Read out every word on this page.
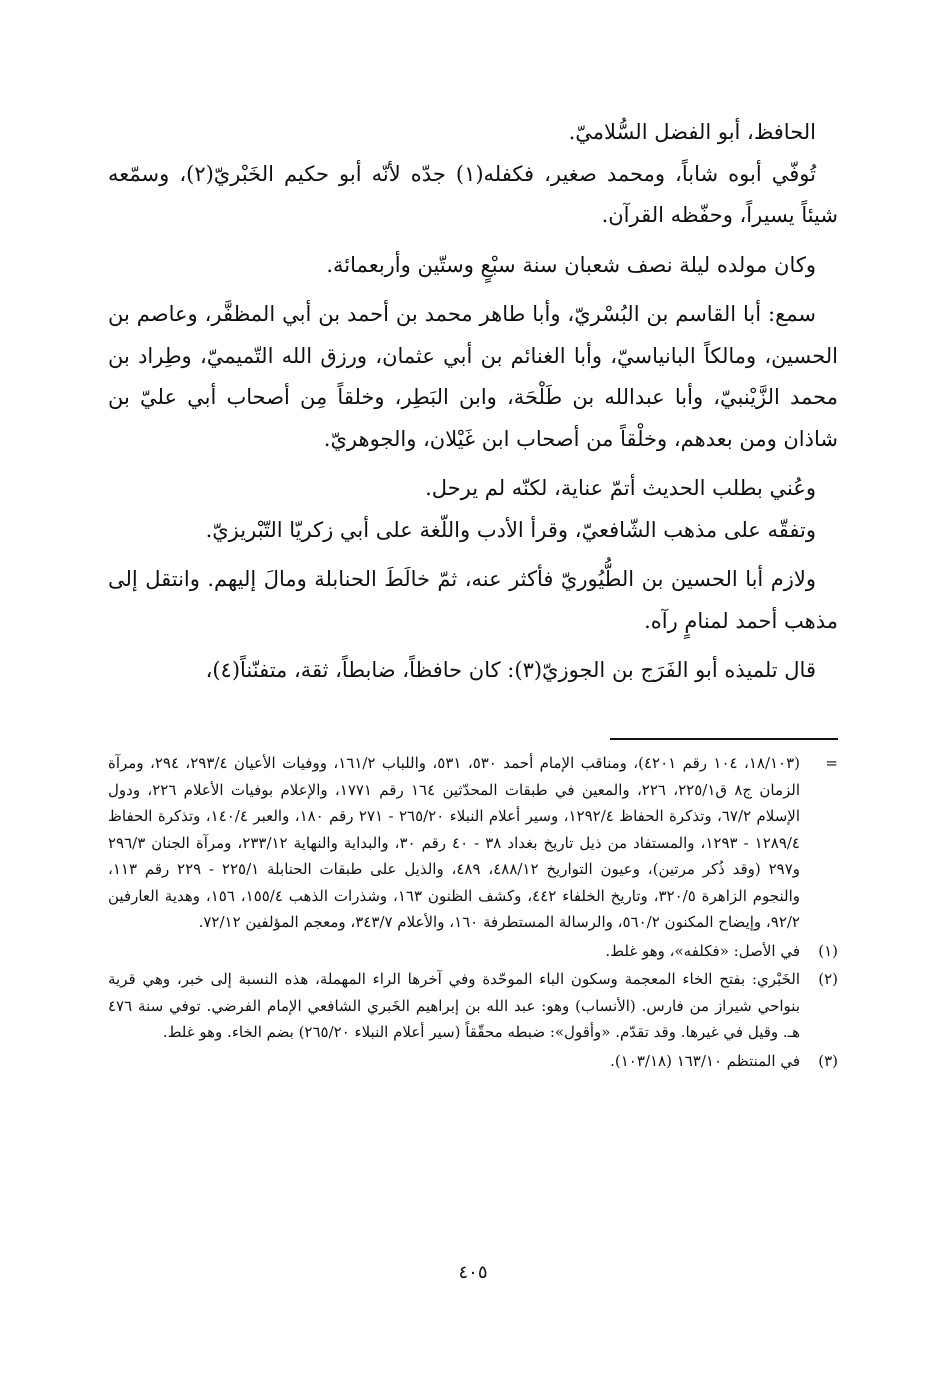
الحافظ، أبو الفضل السُّلاميّ.

تُوفّي أبوه شاباً، ومحمد صغير، فكفله(١) جدّه لأنّه أبو حكيم الخَبْريّ(٢)، وسمّعه شيئاً يسيراً، وحفّظه القرآن.

وكان مولده ليلة نصف شعبان سنة سبْعٍ وستّين وأربعمائة.

سمع: أبا القاسم بن البُسْريّ، وأبا طاهر محمد بن أحمد بن أبي المظفَّر، وعاصم بن الحسين، ومالكاً البانياسيّ، وأبا الغنائم بن أبي عثمان، ورزق الله التّميميّ، وطِراد بن محمد الزَّيْنبيّ، وأبا عبدالله بن طَلْحَة، وابن البَطِر، وخلقاً مِن أصحاب أبي عليّ بن شاذان ومن بعدهم، وخلْقاً من أصحاب ابن غَيْلان، والجوهريّ.

وعُني بطلب الحديث أتمّ عناية، لكنّه لم يرحل.

وتفقّه على مذهب الشّافعيّ، وقرأ الأدب واللّغة على أبي زكريّا التّبْريزيّ.

ولازم أبا الحسين بن الطُّيُوريّ فأكثر عنه، ثمّ خالَطَ الحنابلة ومالَ إليهم. وانتقل إلى مذهب أحمد لمنامٍ رآه.

قال تلميذه أبو الفَرَج بن الجوزيّ(٣): كان حافظاً، ضابطاً، ثقة، متفنّناً(٤)،

=
(١٨/١٠٣، ١٠٤ رقم ٤٢٠١)، ومناقب الإمام أحمد ٥٣٠، ٥٣١، واللباب ١٦١/٢، ووفيات الأعيان ٢٩٣/٤، ٢٩٤، ومرآة الزمان ج٨ ق٢٢٥/١، ٢٢٦، والمعين في طبقات المحدّثين ١٦٤ رقم ١٧٧١، والإعلام بوفيات الأعلام ٢٢٦، ودول الإسلام ٦٧/٢، وتذكرة الحفاظ ١٢٩٢/٤، وسير أعلام النبلاء ٢٦٥/٢٠ - ٢٧١ رقم ١٨٠، والعبر ١٤٠/٤، وتذكرة الحفاظ ١٢٨٩/٤ - ١٢٩٣، والمستفاد من ذيل تاريخ بغداد ٣٨ - ٤٠ رقم ٣٠، والبداية والنهاية ٢٣٣/١٢، ومرآة الجنان ٢٩٦/٣ و٢٩٧ (وقد ذُكر مرتين)، وعيون التواريخ ٤٨٨/١٢، ٤٨٩، والذيل على طبقات الحنابلة ٢٢٥/١ - ٢٢٩ رقم ١١٣، والنجوم الزاهرة ٣٢٠/٥، وتاريخ الخلفاء ٤٤٢، وكشف الظنون ١٦٣، وشذرات الذهب ١٥٥/٤، ١٥٦، وهدية العارفين ٩٢/٢، وإيضاح المكنون ٥٦٠/٢، والرسالة المستطرفة ١٦٠، والأعلام ٣٤٣/٧، ومعجم المؤلفين ٧٢/١٢.
(١)
في الأصل: «فكلفه»، وهو غلط.
(٢)
الخَبْري: بفتح الخاء المعجمة وسكون الباء الموحّدة وفي آخرها الراء المهملة، هذه النسبة إلى خبر، وهي قرية بنواحي شيراز من فارس. (الأنساب) وهو: عبد الله بن إبراهيم الخَبري الشافعي الإمام الفرضي. توفي سنة ٤٧٦ هـ. وقيل في غيرها. وقد تقدّم. «وأقول»: ضبطه محقّقاً (سير أعلام النبلاء ٢٦٥/٢٠) بضم الخاء. وهو غلط.
(٣)
في المنتظم ١٦٣/١٠ (١٠٣/١٨).
٤٠٥
